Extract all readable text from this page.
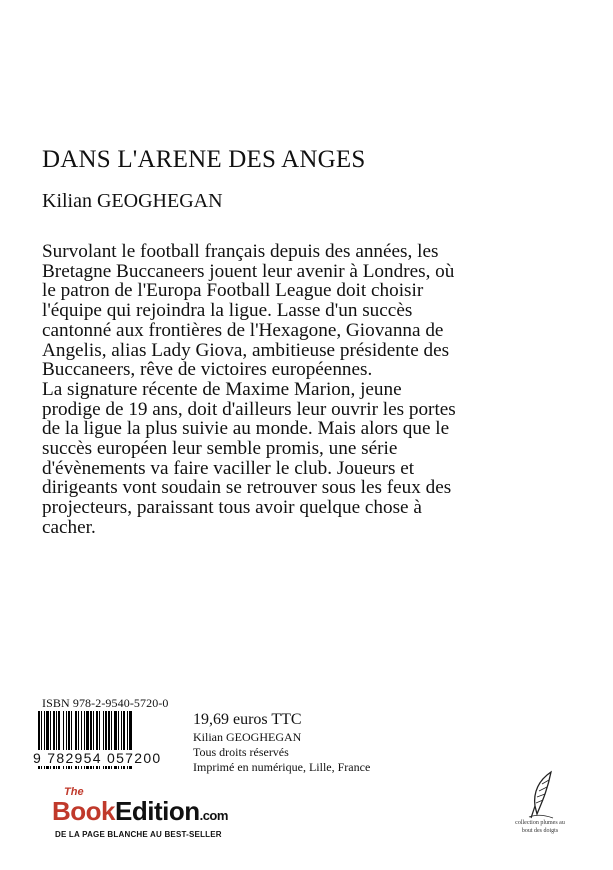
DANS L'ARENE DES ANGES
Kilian GEOGHEGAN

Survolant le football français depuis des années, les Bretagne Buccaneers jouent leur avenir à Londres, où le patron de l'Europa Football League doit choisir l'équipe qui rejoindra la ligue. Lasse d'un succès cantonné aux frontières de l'Hexagone, Giovanna de Angelis, alias Lady Giova, ambitieuse présidente des Buccaneers, rêve de victoires européennes.

La signature récente de Maxime Marion, jeune prodige de 19 ans, doit d'ailleurs leur ouvrir les portes de la ligue la plus suivie au monde. Mais alors que le succès européen leur semble promis, une série d'évènements va faire vaciller le club. Joueurs et dirigeants vont soudain se retrouver sous les feux des projecteurs, paraissant tous avoir quelque chose à cacher.

ISBN 978-2-9540-5720-0
9 782954 057200
19,69 euros TTC
Kilian GEOGHEGAN
Tous droits réservés
Imprimé en numérique, Lille, France
The
BookEdition.com
DE LA PAGE BLANCHE AU BEST-SELLER
collection plumes au bout des doigts
